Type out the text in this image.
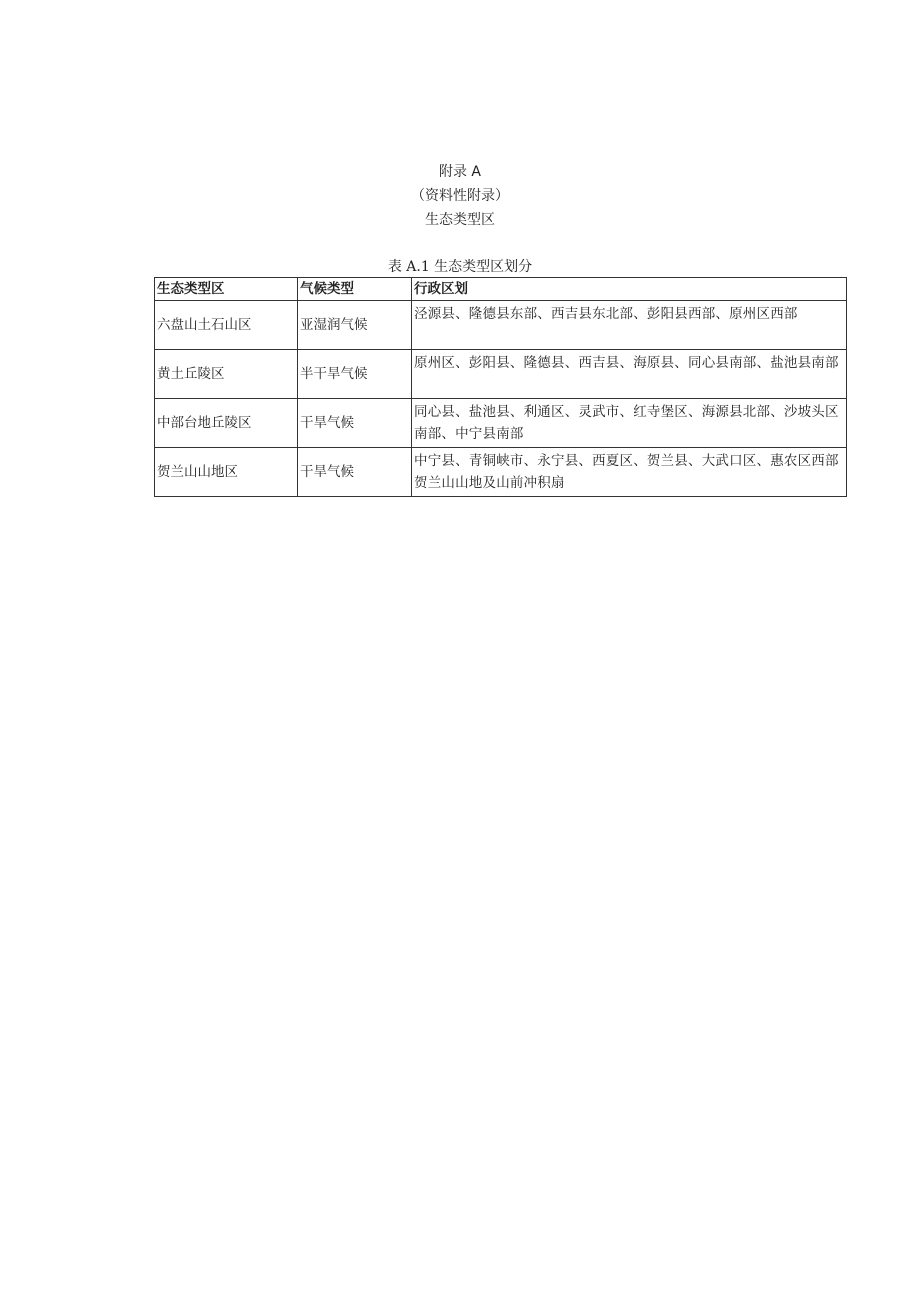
附录 A
（资料性附录）
生态类型区
表 A.1 生态类型区划分
生态类型区	气候类型	行政区划
六盘山土石山区	亚湿润气候	泾源县、隆德县东部、西吉县东北部、彭阳县西部、原州区西部
黄土丘陵区	半干旱气候	原州区、彭阳县、隆德县、西吉县、海原县、同心县南部、盐池县南部
中部台地丘陵区	干旱气候	同心县、盐池县、利通区、灵武市、红寺堡区、海源县北部、沙坡头区南部、中宁县南部
贺兰山山地区	干旱气候	中宁县、青铜峡市、永宁县、西夏区、贺兰县、大武口区、惠农区西部贺兰山山地及山前冲积扇
